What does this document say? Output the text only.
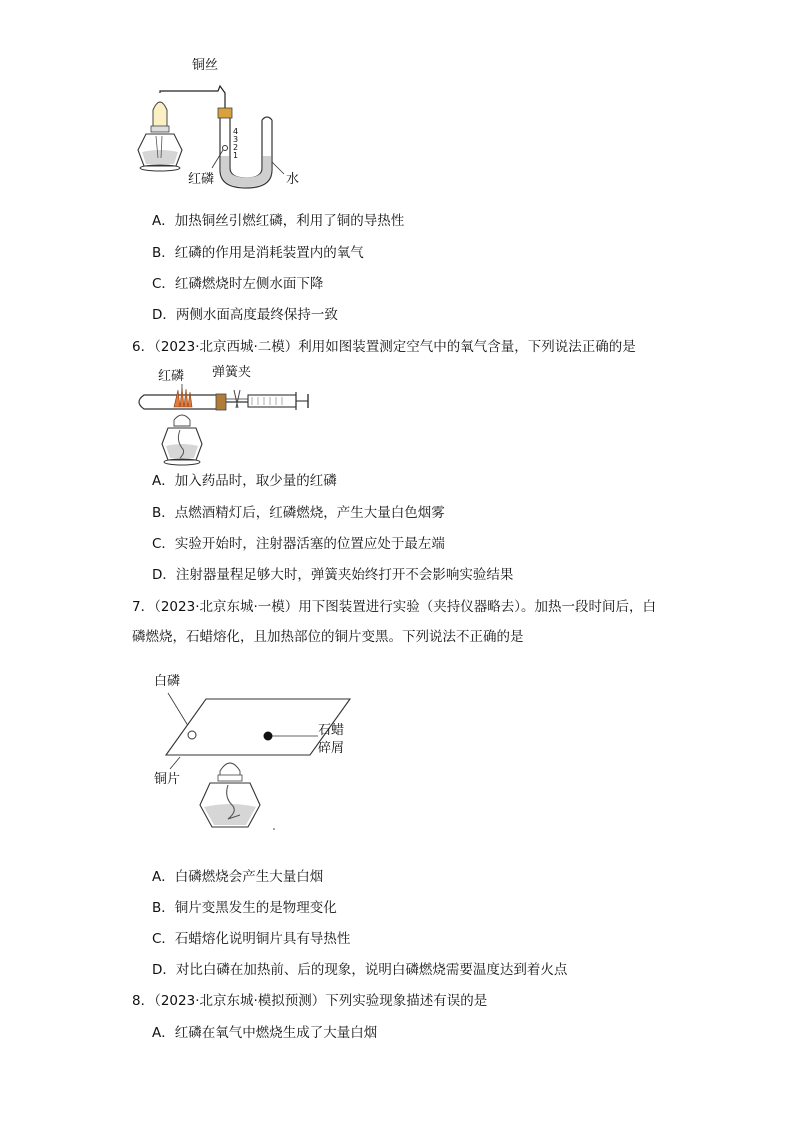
4
3
2
1
铜丝
红磷	水
A．加热铜丝引燃红磷，利用了铜的导热性
B．红磷的作用是消耗装置内的氧气
C．红磷燃烧时左侧水面下降
D．两侧水面高度最终保持一致
6．（2023·北京西城·二模）利用如图装置测定空气中的氧气含量，下列说法正确的是
红磷 弹簧夹
A．加入药品时，取少量的红磷
B．点燃酒精灯后，红磷燃烧，产生大量白色烟雾
C．实验开始时，注射器活塞的位置应处于最左端
D．注射器量程足够大时，弹簧夹始终打开不会影响实验结果
7．（2023·北京东城·一模）用下图装置进行实验（夹持仪器略去）。加热一段时间后，白
磷燃烧，石蜡熔化，且加热部位的铜片变黑。下列说法不正确的是
白磷
石蜡
碎屑
铜片
A．白磷燃烧会产生大量白烟
B．铜片变黑发生的是物理变化
C．石蜡熔化说明铜片具有导热性
D．对比白磷在加热前、后的现象，说明白磷燃烧需要温度达到着火点
8．（2023·北京东城·模拟预测）下列实验现象描述有误的是
A．红磷在氧气中燃烧生成了大量白烟
